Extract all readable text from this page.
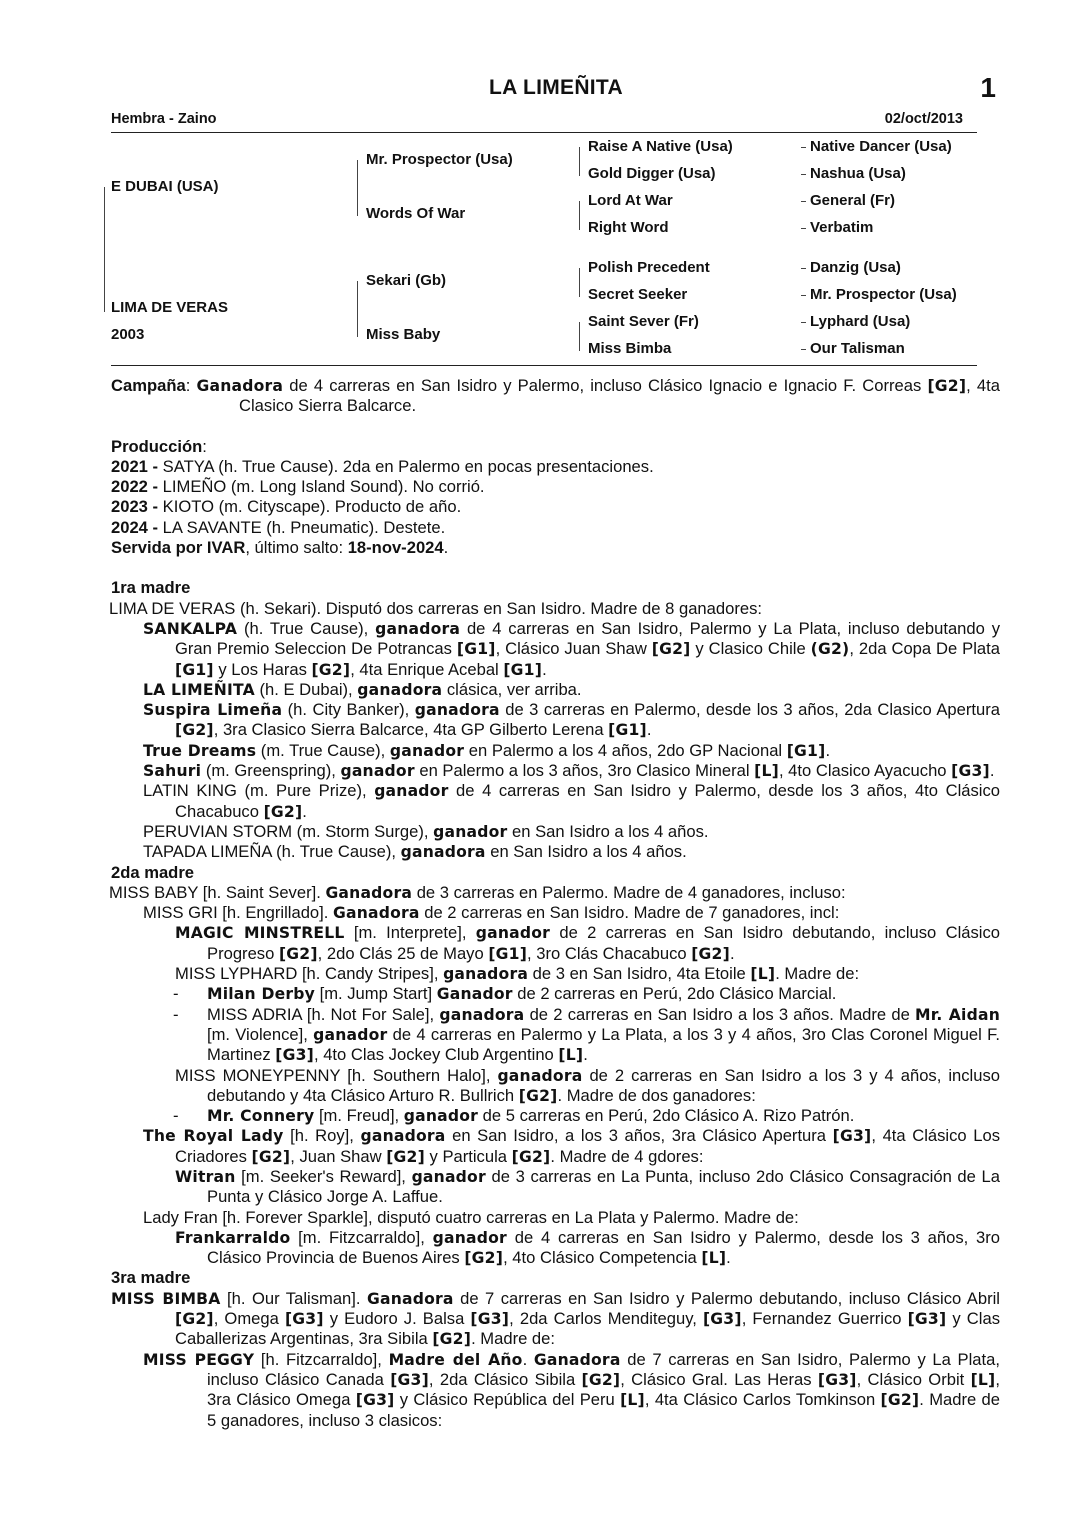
LA LIMEÑITA	1
Hembra - Zaino	02/oct/2013
E DUBAI (USA)
LIMA DE VERAS
2003
Mr. Prospector (Usa)
Words Of War
Sekari (Gb)
Miss Baby
Raise A Native (Usa)
Gold Digger (Usa)
Lord At War
Right Word
Polish Precedent
Secret Seeker
Saint Sever (Fr)
Miss Bimba
Native Dancer (Usa)
Nashua (Usa)
General (Fr)
Verbatim
Danzig (Usa)
Mr. Prospector (Usa)
Lyphard (Usa)
Our Talisman

Campaña: Ganadora de 4 carreras en San Isidro y Palermo, incluso Clásico Ignacio e Ignacio F. Correas [G2], 4ta Clasico Sierra Balcarce.

Producción:

2021 - SATYA (h. True Cause). 2da en Palermo en pocas presentaciones.

2022 - LIMEÑO (m. Long Island Sound). No corrió.

2023 - KIOTO (m. Cityscape). Producto de año.

2024 - LA SAVANTE (h. Pneumatic). Destete.

Servida por IVAR, último salto: 18-nov-2024.

1ra madre

LIMA DE VERAS (h. Sekari). Disputó dos carreras en San Isidro. Madre de 8 ganadores:

SANKALPA (h. True Cause), ganadora de 4 carreras en San Isidro, Palermo y La Plata, incluso debutando y Gran Premio Seleccion De Potrancas [G1], Clásico Juan Shaw [G2] y Clasico Chile (G2), 2da Copa De Plata [G1] y Los Haras [G2], 4ta Enrique Acebal [G1].

LA LIMEÑITA (h. E Dubai), ganadora clásica, ver arriba.

Suspira Limeña (h. City Banker), ganadora de 3 carreras en Palermo, desde los 3 años, 2da Clasico Apertura [G2], 3ra Clasico Sierra Balcarce, 4ta GP Gilberto Lerena [G1].

True Dreams (m. True Cause), ganador en Palermo a los 4 años, 2do GP Nacional [G1].

Sahuri (m. Greenspring), ganador en Palermo a los 3 años, 3ro Clasico Mineral [L], 4to Clasico Ayacucho [G3].

LATIN KING (m. Pure Prize), ganador de 4 carreras en San Isidro y Palermo, desde los 3 años, 4to Clásico Chacabuco [G2].

PERUVIAN STORM (m. Storm Surge), ganador en San Isidro a los 4 años.

TAPADA LIMEÑA (h. True Cause), ganadora en San Isidro a los 4 años.

2da madre

MISS BABY [h. Saint Sever]. Ganadora de 3 carreras en Palermo. Madre de 4 ganadores, incluso:

MISS GRI [h. Engrillado]. Ganadora de 2 carreras en San Isidro. Madre de 7 ganadores, incl:

MAGIC MINSTRELL [m. Interprete], ganador de 2 carreras en San Isidro debutando, incluso Clásico Progreso [G2], 2do Clás 25 de Mayo [G1], 3ro Clás Chacabuco [G2].

MISS LYPHARD [h. Candy Stripes], ganadora de 3 en San Isidro, 4ta Etoile [L]. Madre de:

- Milan Derby [m. Jump Start] Ganador de 2 carreras en Perú, 2do Clásico Marcial.

- MISS ADRIA [h. Not For Sale], ganadora de 2 carreras en San Isidro a los 3 años. Madre de Mr. Aidan [m. Violence], ganador de 4 carreras en Palermo y La Plata, a los 3 y 4 años, 3ro Clas Coronel Miguel F. Martinez [G3], 4to Clas Jockey Club Argentino [L].

MISS MONEYPENNY [h. Southern Halo], ganadora de 2 carreras en San Isidro a los 3 y 4 años, incluso debutando y 4ta Clásico Arturo R. Bullrich [G2]. Madre de dos ganadores:

- Mr. Connery [m. Freud], ganador de 5 carreras en Perú, 2do Clásico A. Rizo Patrón.

The Royal Lady [h. Roy], ganadora en San Isidro, a los 3 años, 3ra Clásico Apertura [G3], 4ta Clásico Los Criadores [G2], Juan Shaw [G2] y Particula [G2]. Madre de 4 gdores:

Witran [m. Seeker's Reward], ganador de 3 carreras en La Punta, incluso 2do Clásico Consagración de La Punta y Clásico Jorge A. Laffue.

Lady Fran [h. Forever Sparkle], disputó cuatro carreras en La Plata y Palermo. Madre de:

Frankarraldo [m. Fitzcarraldo], ganador de 4 carreras en San Isidro y Palermo, desde los 3 años, 3ro Clásico Provincia de Buenos Aires [G2], 4to Clásico Competencia [L].

3ra madre

MISS BIMBA [h. Our Talisman]. Ganadora de 7 carreras en San Isidro y Palermo debutando, incluso Clásico Abril [G2], Omega [G3] y Eudoro J. Balsa [G3], 2da Carlos Menditeguy, [G3], Fernandez Guerrico [G3] y Clas Caballerizas Argentinas, 3ra Sibila [G2]. Madre de:

MISS PEGGY [h. Fitzcarraldo], Madre del Año. Ganadora de 7 carreras en San Isidro, Palermo y La Plata, incluso Clásico Canada [G3], 2da Clásico Sibila [G2], Clásico Gral. Las Heras [G3], Clásico Orbit [L], 3ra Clásico Omega [G3] y Clásico República del Peru [L], 4ta Clásico Carlos Tomkinson [G2]. Madre de 5 ganadores, incluso 3 clasicos:
